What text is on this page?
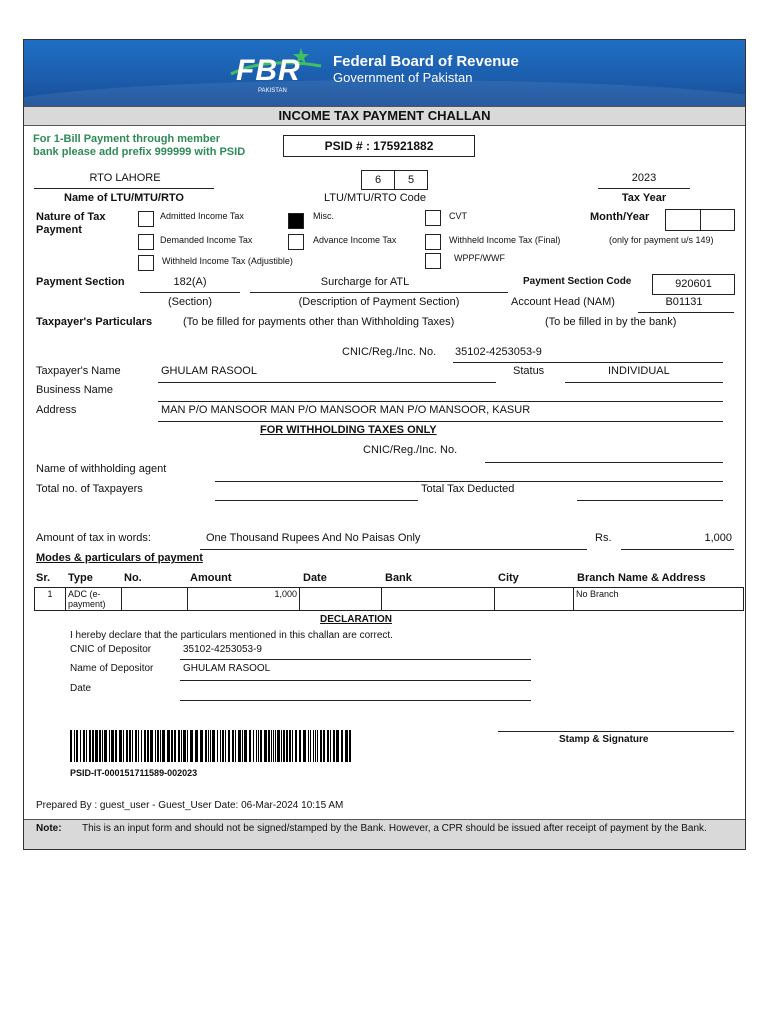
FBR
PAKISTAN
Federal Board of Revenue
Government of Pakistan
INCOME TAX PAYMENT CHALLAN
For 1-Bill Payment through member
bank please add prefix 999999 with PSID	PSID # : 175921882
RTO LAHORE
Name of LTU/MTU/RTO
6	5
LTU/MTU/RTO Code
2023
Tax Year
Nature of Tax
Payment
Admitted Income Tax	Misc.	CVT	Month/Year
Demanded Income Tax	Advance Income Tax	Withheld Income Tax (Final)	(only for payment u/s 149)
Withheld Income Tax (Adjustible)	WPPF/WWF
Payment Section	182(A)	Surcharge for ATL	Payment Section Code	920601
(Section)	(Description of Payment Section)	Account Head (NAM)	B01131
Taxpayer's Particulars	(To be filled for payments other than Withholding Taxes)	(To be filled in by the bank)
CNIC/Reg./Inc. No. 35102-4253053-9
Taxpayer's Name	GHULAM RASOOL	Status	INDIVIDUAL
Business Name
Address	MAN P/O MANSOOR MAN P/O MANSOOR MAN P/O MANSOOR, KASUR
FOR WITHHOLDING TAXES ONLY
CNIC/Reg./Inc. No.
Name of withholding agent
Total no. of Taxpayers	Total Tax Deducted
Amount of tax in words:	One Thousand Rupees And No Paisas Only	Rs.	1,000
Modes & particulars of payment
Sr. Type	No.	Amount	Date	Bank	City	Branch Name & Address
1	ADC (e-payment)		1,000				No Branch
DECLARATION
I hereby declare that the particulars mentioned in this challan are correct.
CNIC of Depositor	35102-4253053-9
Name of Depositor	GHULAM RASOOL
Date
Stamp & Signature
PSID-IT-000151711589-002023
Prepared By : guest_user - Guest_User Date: 06-Mar-2024 10:15 AM
Note: This is an input form and should not be signed/stamped by the Bank. However, a CPR should be issued after receipt of payment by the Bank.
